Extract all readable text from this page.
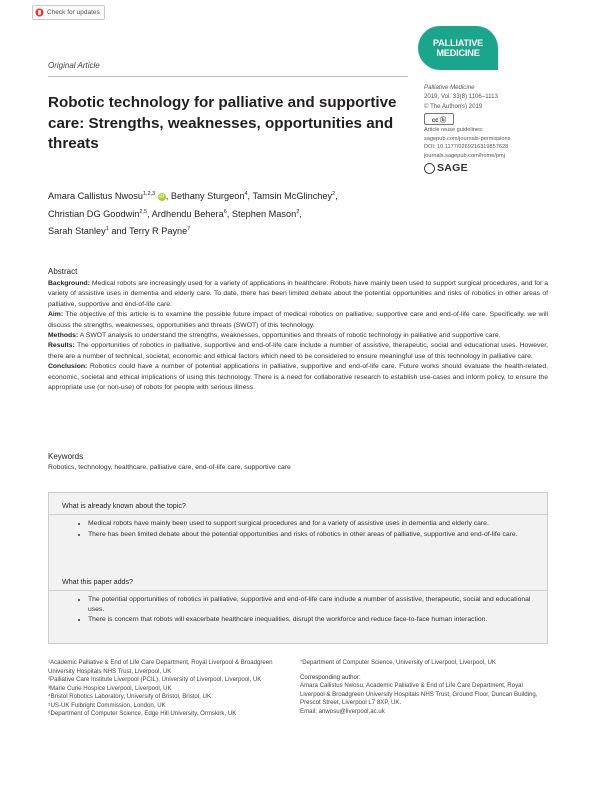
Check for updates
PALLIATIVE
MEDICINE
Original Article
Robotic technology for palliative and supportive care: Strengths, weaknesses, opportunities and threats
Palliative Medicine
2019, Vol. 33(8) 1106–1113
© The Author(s) 2019
cc ⓑ
Article reuse guidelines:
sagepub.com/journals-permissions
DOI: 10.1177/0269216319857628
journals.sagepub.com/home/pmj
SAGE
Amara Callistus Nwosu$^{1,2,3}$ iD , Bethany Sturgeon$^4$, Tamsin McGlinchey$^2$,
Christian DG Goodwin$^{2,5}$, Ardhendu Behera$^6$, Stephen Mason$^2$,
Sarah Stanley$^1$ and Terry R Payne$^7$
Abstract

Background: Medical robots are increasingly used for a variety of applications in healthcare. Robots have mainly been used to support surgical procedures, and for a variety of assistive uses in dementia and elderly care. To date, there has been limited debate about the potential opportunities and risks of robotics in other areas of palliative, supportive and end-of-life care.

Aim: The objective of this article is to examine the possible future impact of medical robotics on palliative, supportive care and end-of-life care. Specifically, we will discuss the strengths, weaknesses, opportunities and threats (SWOT) of this technology.

Methods: A SWOT analysis to understand the strengths, weaknesses, opportunities and threats of robotic technology in palliative and supportive care.

Results: The opportunities of robotics in palliative, supportive and end-of-life care include a number of assistive, therapeutic, social and educational uses. However, there are a number of technical, societal, economic and ethical factors which need to be considered to ensure meaningful use of this technology in palliative care.

Conclusion: Robotics could have a number of potential applications in palliative, supportive and end-of-life care. Future works should evaluate the health-related, economic, societal and ethical implications of using this technology. There is a need for collaborative research to establish use-cases and inform policy, to ensure the appropriate use (or non-use) of robots for people with serious illness.

Keywords
Robotics, technology, healthcare, palliative care, end-of-life care, supportive care
What is already known about the topic?
• Medical robots have mainly been used to support surgical procedures and for a variety of assistive uses in dementia and elderly care.
• There has been limited debate about the potential opportunities and risks of robotics in other areas of palliative, supportive and end-of-life care.
What this paper adds?
• The potential opportunities of robotics in palliative, supportive and end-of-life care include a number of assistive, therapeutic, social and educational uses.
• There is concern that robots will exacerbate healthcare inequalities, disrupt the workforce and reduce face-to-face human interaction.
¹Academic Palliative & End of Life Care Department, Royal Liverpool & Broadgreen University Hospitals NHS Trust, Liverpool, UK
²Palliative Care Institute Liverpool (PCIL), University of Liverpool, Liverpool, UK
³Marie Curie Hospice Liverpool, Liverpool, UK
⁴Bristol Robotics Laboratory, University of Bristol, Bristol, UK
⁵US-UK Fulbright Commission, London, UK
⁶Department of Computer Science, Edge Hill University, Ormskirk, UK
⁷Department of Computer Science, University of Liverpool, Liverpool, UK
Corresponding author:
Amara Callistus Nwosu, Academic Palliative & End of Life Care Department, Royal Liverpool & Broadgreen University Hospitals NHS Trust, Ground Floor, Duncan Building, Prescot Street, Liverpool L7 8XP, UK.
Email: anwosu@liverpool.ac.uk
